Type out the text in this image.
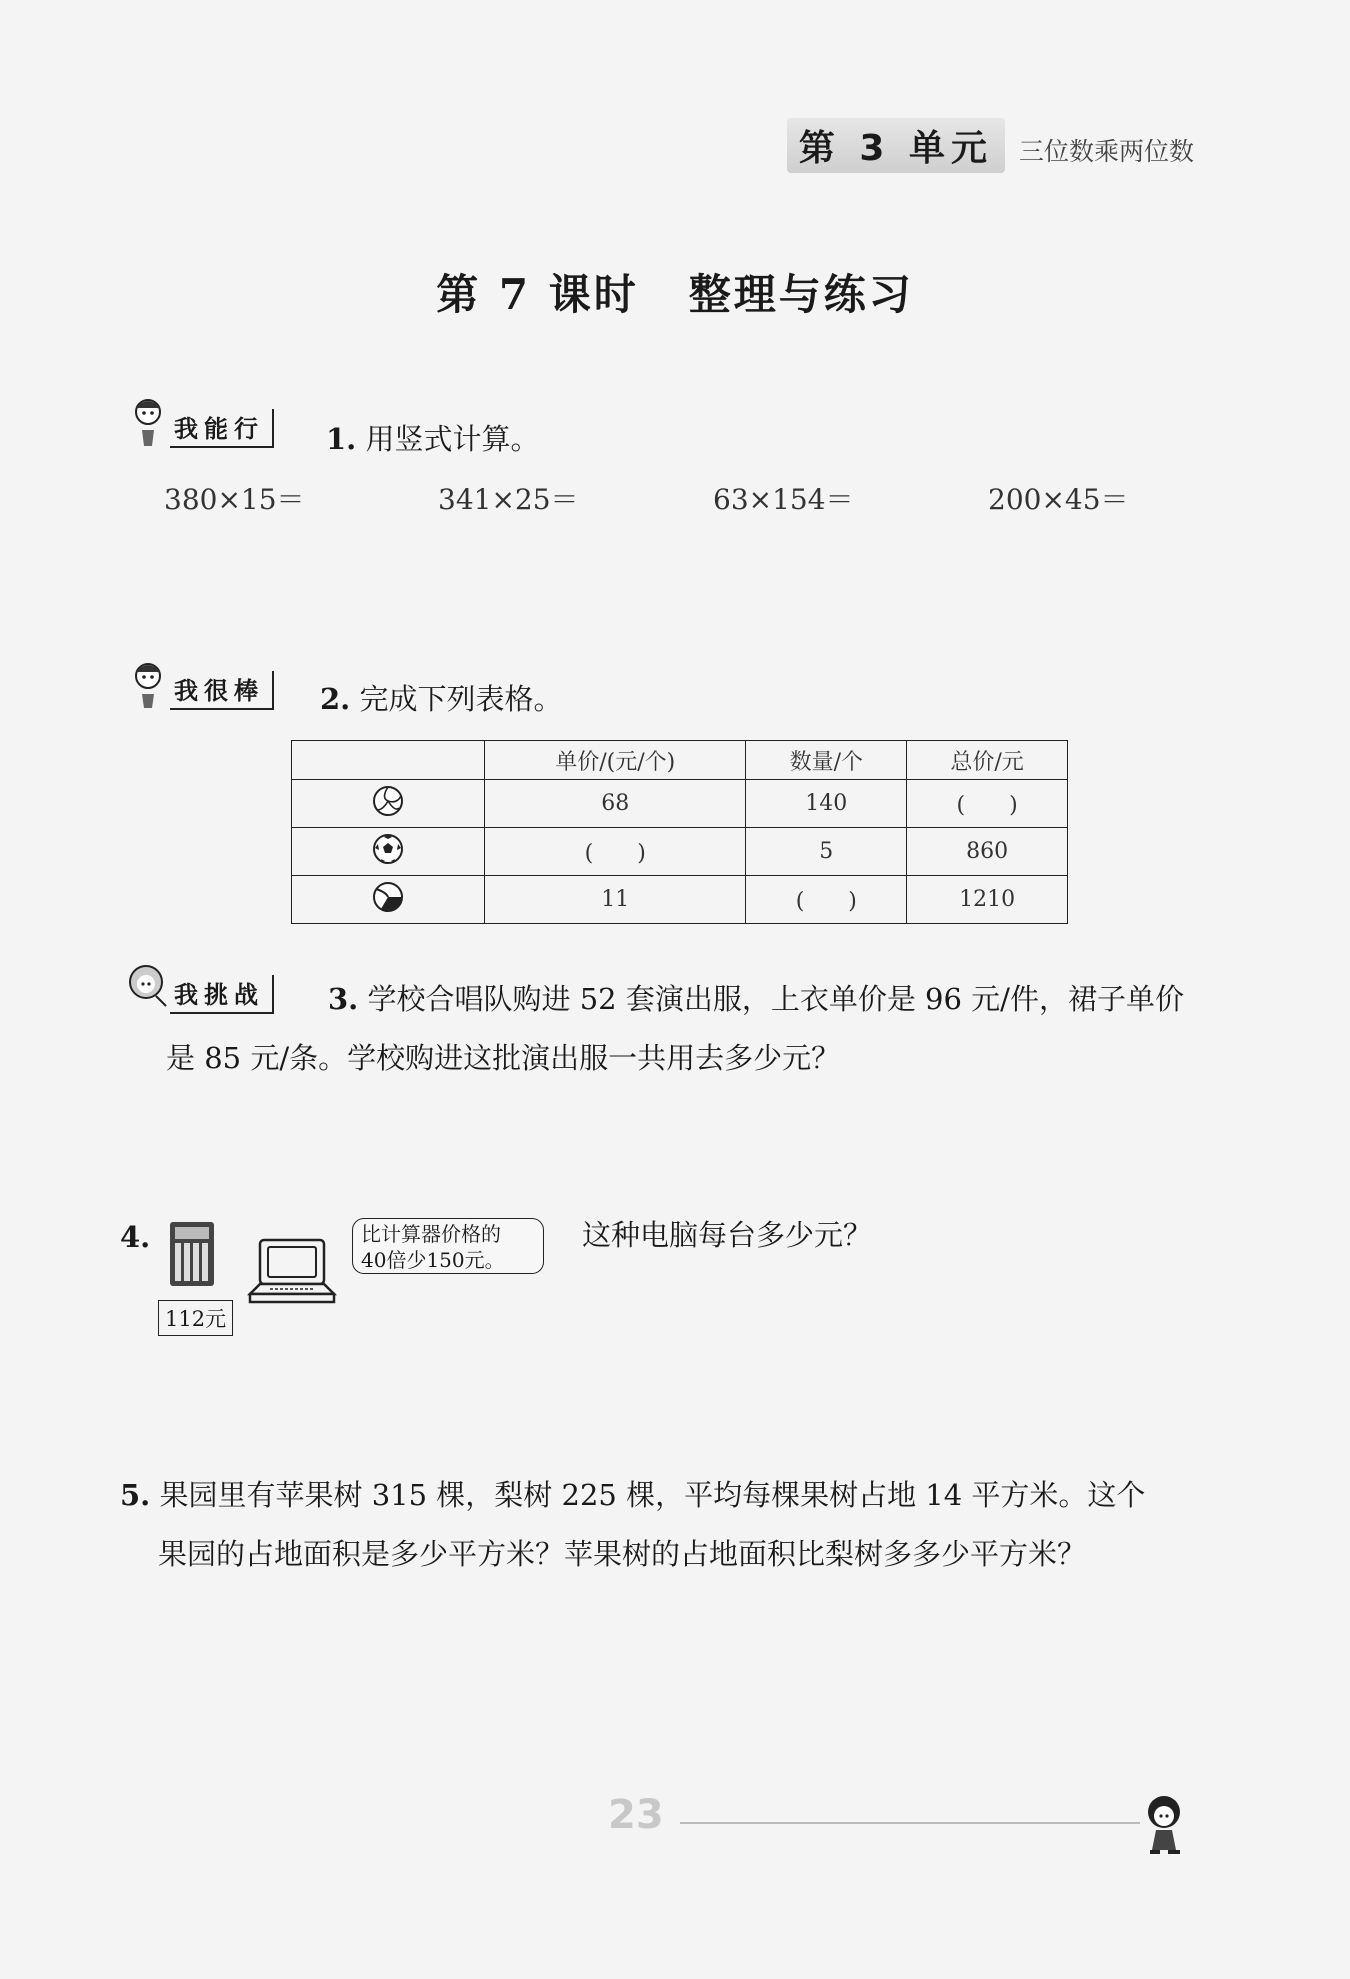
第 3 单元	三位数乘两位数
第 7 课时 整理与练习
我能行	1. 用竖式计算。
380×15＝	341×25＝	63×154＝	200×45＝
我很棒	2. 完成下列表格。
	单价/(元/个)	数量/个	总价/元
	68	140	(　　)
	(　　)	5	860
	11	(　　)	1210
我挑战	3. 学校合唱队购进 52 套演出服，上衣单价是 96 元/件，裙子单价
是 85 元/条。学校购进这批演出服一共用去多少元？
4.
112元
比计算器价格的
40倍少150元。
这种电脑每台多少元？
5. 果园里有苹果树 315 棵，梨树 225 棵，平均每棵果树占地 14 平方米。这个
果园的占地面积是多少平方米？苹果树的占地面积比梨树多多少平方米？
23
